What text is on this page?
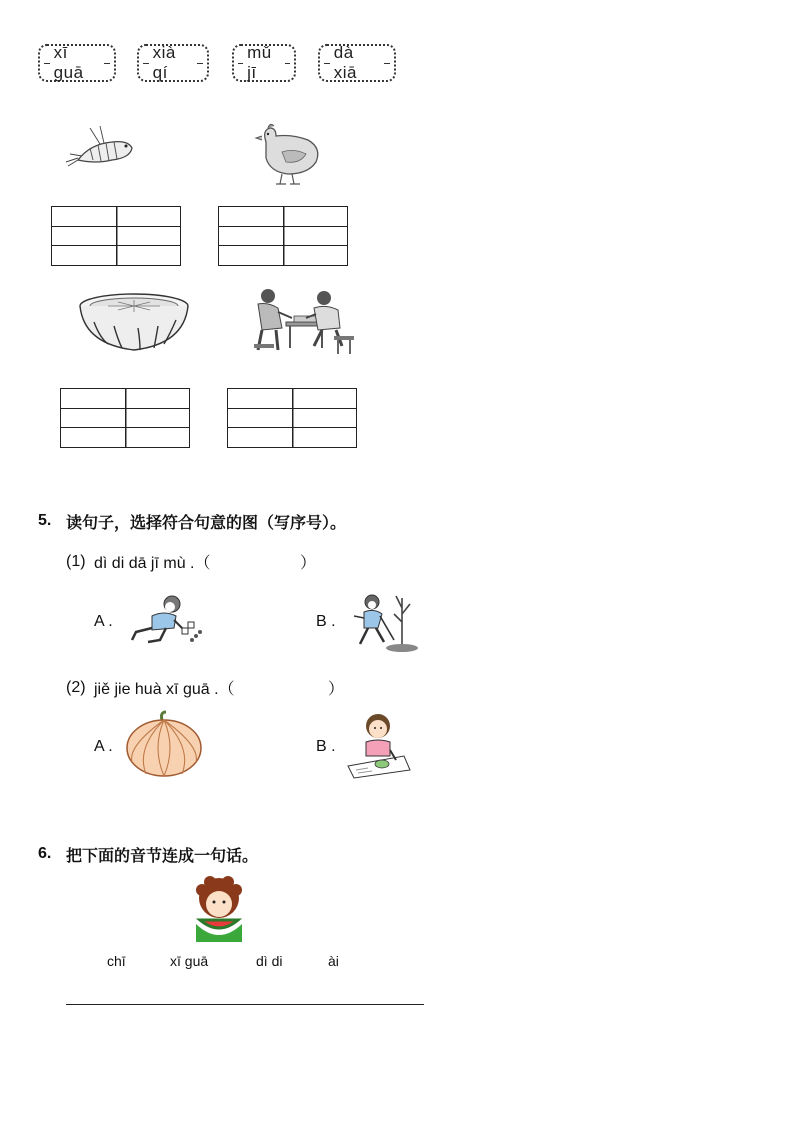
xī guā
xià qí
mǔ jī
dà xiā
5. 读句子，选择符合句意的图（写序号）。
(1) dì di dā jī mù .（	）
A .	B .
(2) jiě jie huà xī guā .（	）
A .	B .
6. 把下面的音节连成一句话。
chī	xī guā	dì di	ài
